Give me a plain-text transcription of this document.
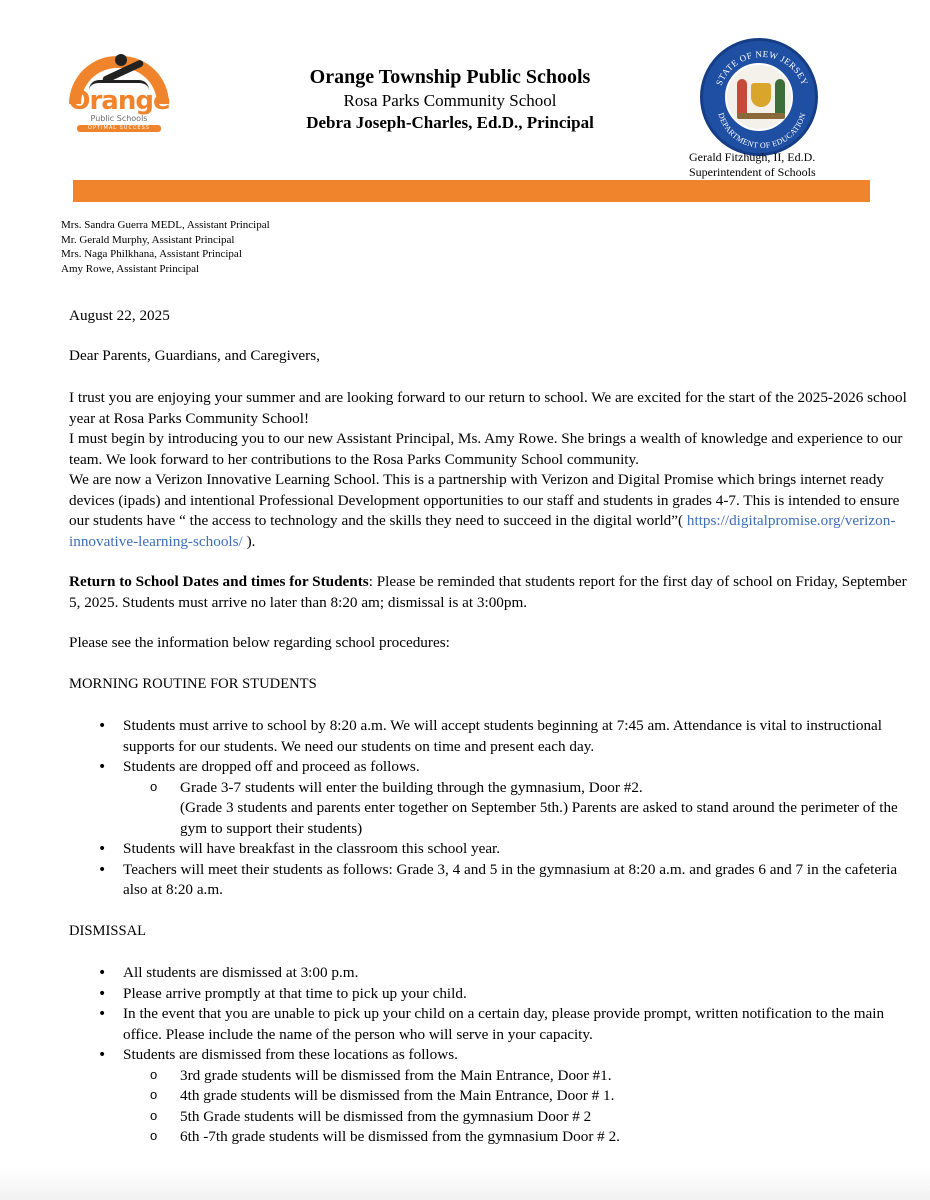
Orange
Public Schools
OPTIMAL SUCCESS
Orange Township Public Schools
Rosa Parks Community School
Debra Joseph-Charles, Ed.D., Principal
STATE OF NEW JERSEY
DEPARTMENT OF EDUCATION
Gerald Fitzhugh, II, Ed.D.
Superintendent of Schools
Mrs. Sandra Guerra MEDL, Assistant Principal
Mr. Gerald Murphy, Assistant Principal
Mrs. Naga Philkhana, Assistant Principal
Amy Rowe, Assistant Principal

August 22, 2025

Dear Parents, Guardians, and Caregivers,

I trust you are enjoying your summer and are looking forward to our return to school. We are excited for the start of the 2025-2026 school year at Rosa Parks Community School!

I must begin by introducing you to our new Assistant Principal, Ms. Amy Rowe. She brings a wealth of knowledge and experience to our team. We look forward to her contributions to the Rosa Parks Community School community.

We are now a Verizon Innovative Learning School. This is a partnership with Verizon and Digital Promise which brings internet ready devices (ipads) and intentional Professional Development opportunities to our staff and students in grades 4-7. This is intended to ensure our students have “ the access to technology and the skills they need to succeed in the digital world”( https://digitalpromise.org/verizon-innovative-learning-schools/ ).

Return to School Dates and times for Students: Please be reminded that students report for the first day of school on Friday, September 5, 2025. Students must arrive no later than 8:20 am; dismissal is at 3:00pm.

Please see the information below regarding school procedures:

MORNING ROUTINE FOR STUDENTS

• Students must arrive to school by 8:20 a.m. We will accept students beginning at 7:45 am. Attendance is vital to instructional supports for our students. We need our students on time and present each day.
• Students are dropped off and proceed as follows.
o Grade 3-7 students will enter the building through the gymnasium, Door #2.
(Grade 3 students and parents enter together on September 5th.) Parents are asked to stand around the perimeter of the gym to support their students)
• Students will have breakfast in the classroom this school year.
• Teachers will meet their students as follows: Grade 3, 4 and 5 in the gymnasium at 8:20 a.m. and grades 6 and 7 in the cafeteria also at 8:20 a.m.

DISMISSAL

• All students are dismissed at 3:00 p.m.
• Please arrive promptly at that time to pick up your child.
• In the event that you are unable to pick up your child on a certain day, please provide prompt, written notification to the main office. Please include the name of the person who will serve in your capacity.
• Students are dismissed from these locations as follows.
o 3rd grade students will be dismissed from the Main Entrance, Door #1.
o 4th grade students will be dismissed from the Main Entrance, Door # 1.
o 5th Grade students will be dismissed from the gymnasium Door # 2
o 6th -7th grade students will be dismissed from the gymnasium Door # 2.
